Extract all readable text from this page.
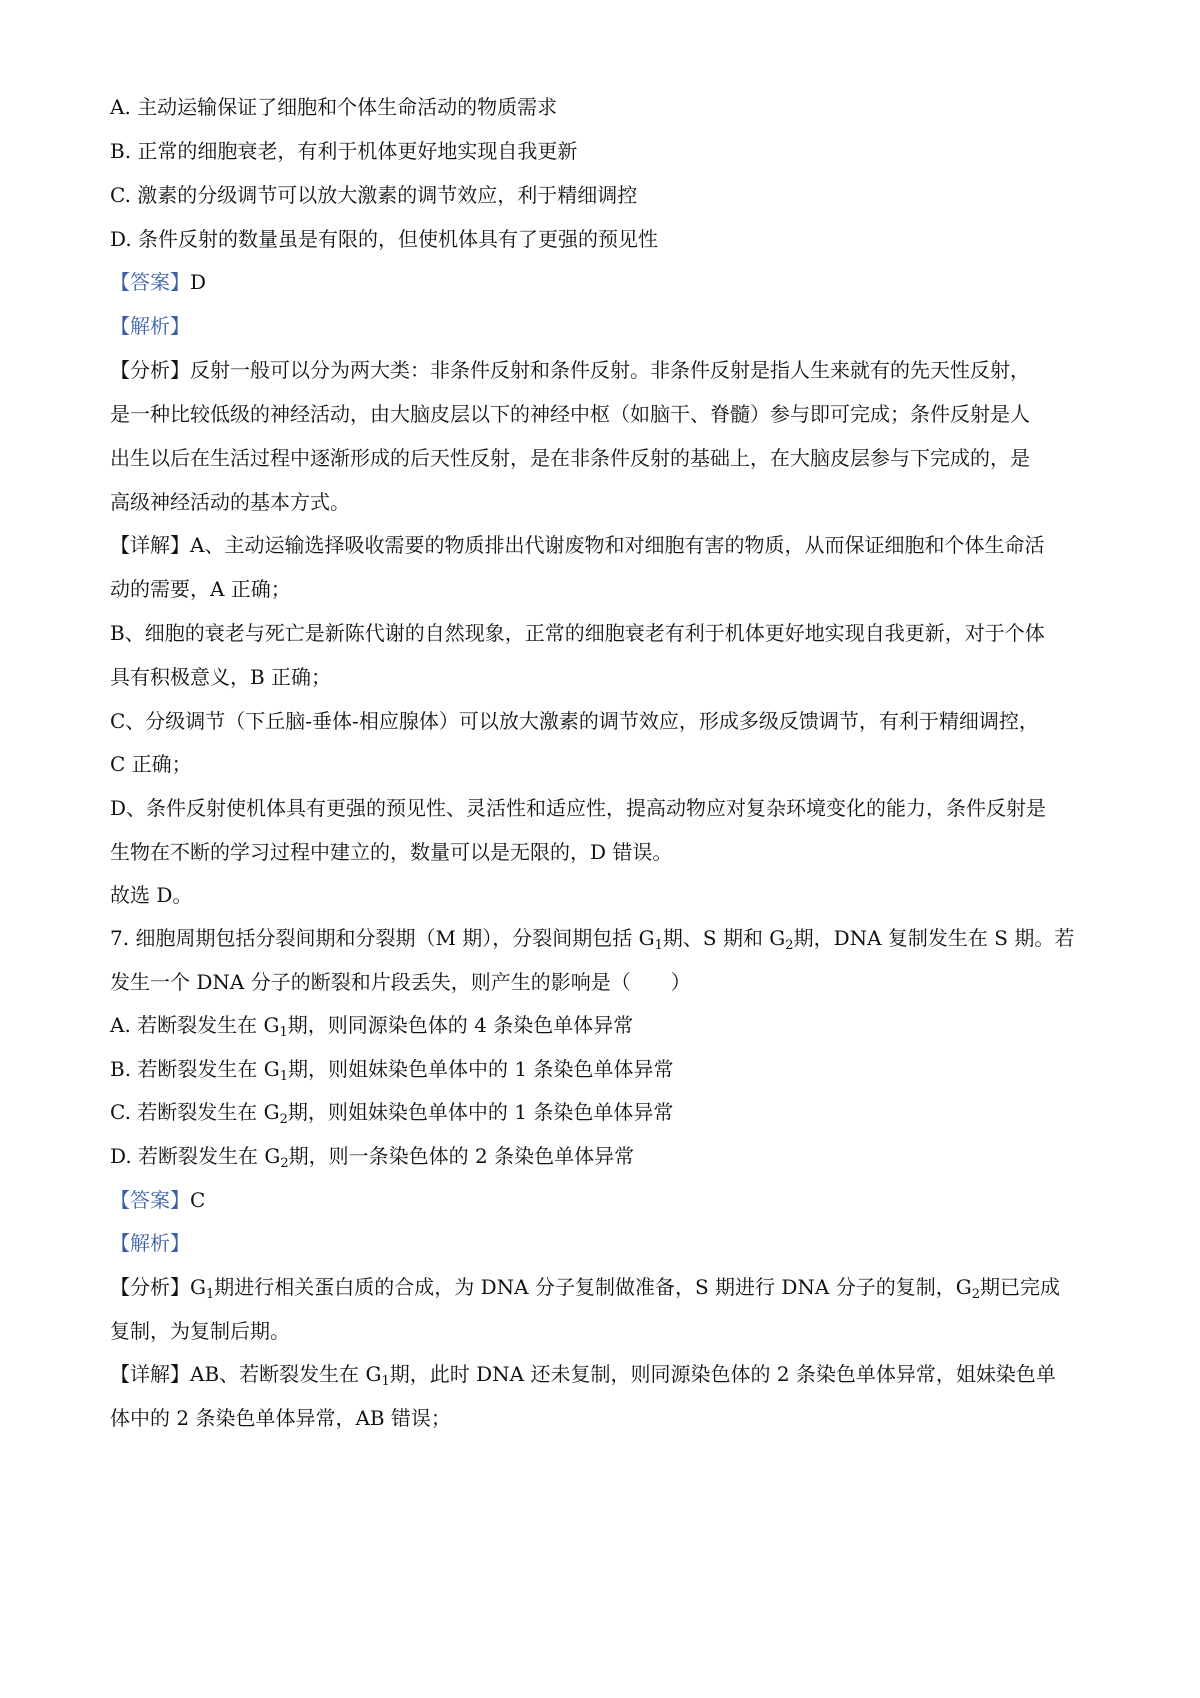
A. 主动运输保证了细胞和个体生命活动的物质需求
B. 正常的细胞衰老，有利于机体更好地实现自我更新
C. 激素的分级调节可以放大激素的调节效应，利于精细调控
D. 条件反射的数量虽是有限的，但使机体具有了更强的预见性
【答案】D
【解析】
【分析】反射一般可以分为两大类：非条件反射和条件反射。非条件反射是指人生来就有的先天性反射，
是一种比较低级的神经活动，由大脑皮层以下的神经中枢（如脑干、脊髓）参与即可完成；条件反射是人
出生以后在生活过程中逐渐形成的后天性反射，是在非条件反射的基础上，在大脑皮层参与下完成的，是
高级神经活动的基本方式。
【详解】A、主动运输选择吸收需要的物质排出代谢废物和对细胞有害的物质，从而保证细胞和个体生命活
动的需要，A 正确；
B、细胞的衰老与死亡是新陈代谢的自然现象，正常的细胞衰老有利于机体更好地实现自我更新，对于个体
具有积极意义，B 正确；
C、分级调节（下丘脑-垂体-相应腺体）可以放大激素的调节效应，形成多级反馈调节，有利于精细调控，
C 正确；
D、条件反射使机体具有更强的预见性、灵活性和适应性，提高动物应对复杂环境变化的能力，条件反射是
生物在不断的学习过程中建立的，数量可以是无限的，D 错误。
故选 D。
7. 细胞周期包括分裂间期和分裂期（M 期），分裂间期包括 $G_1$期、S 期和 $G_2$期，DNA 复制发生在 S 期。若
发生一个 DNA 分子的断裂和片段丢失，则产生的影响是（　　）
A. 若断裂发生在 $G_1$期，则同源染色体的 4 条染色单体异常
B. 若断裂发生在 $G_1$期，则姐妹染色单体中的 1 条染色单体异常
C. 若断裂发生在 $G_2$期，则姐妹染色单体中的 1 条染色单体异常
D. 若断裂发生在 $G_2$期，则一条染色体的 2 条染色单体异常
【答案】C
【解析】
【分析】$G_1$期进行相关蛋白质的合成，为 DNA 分子复制做准备，S 期进行 DNA 分子的复制，$G_2$期已完成
复制，为复制后期。
【详解】AB、若断裂发生在 $G_1$期，此时 DNA 还未复制，则同源染色体的 2 条染色单体异常，姐妹染色单
体中的 2 条染色单体异常，AB 错误；
